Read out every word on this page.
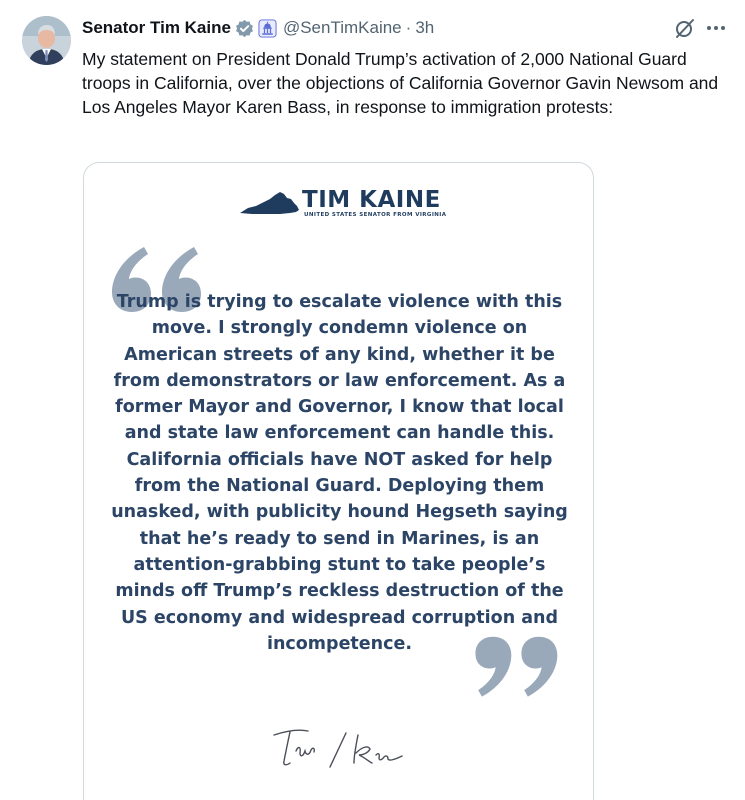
Senator Tim Kaine	@SenTimKaine · 3h
My statement on President Donald Trump’s activation of 2,000 National Guard troops in California, over the objections of California Governor Gavin Newsom and Los Angeles Mayor Karen Bass, in response to immigration protests:
TIM KAINE
UNITED STATES SENATOR FROM VIRGINIA
Trump is trying to escalate violence with this move. I strongly condemn violence on American streets of any kind, whether it be from demonstrators or law enforcement. As a former Mayor and Governor, I know that local and state law enforcement can handle this. California officials have NOT asked for help from the National Guard. Deploying them unasked, with publicity hound Hegseth saying that he’s ready to send in Marines, is an attention-grabbing stunt to take people’s minds off Trump’s reckless destruction of the US economy and widespread corruption and incompetence.
